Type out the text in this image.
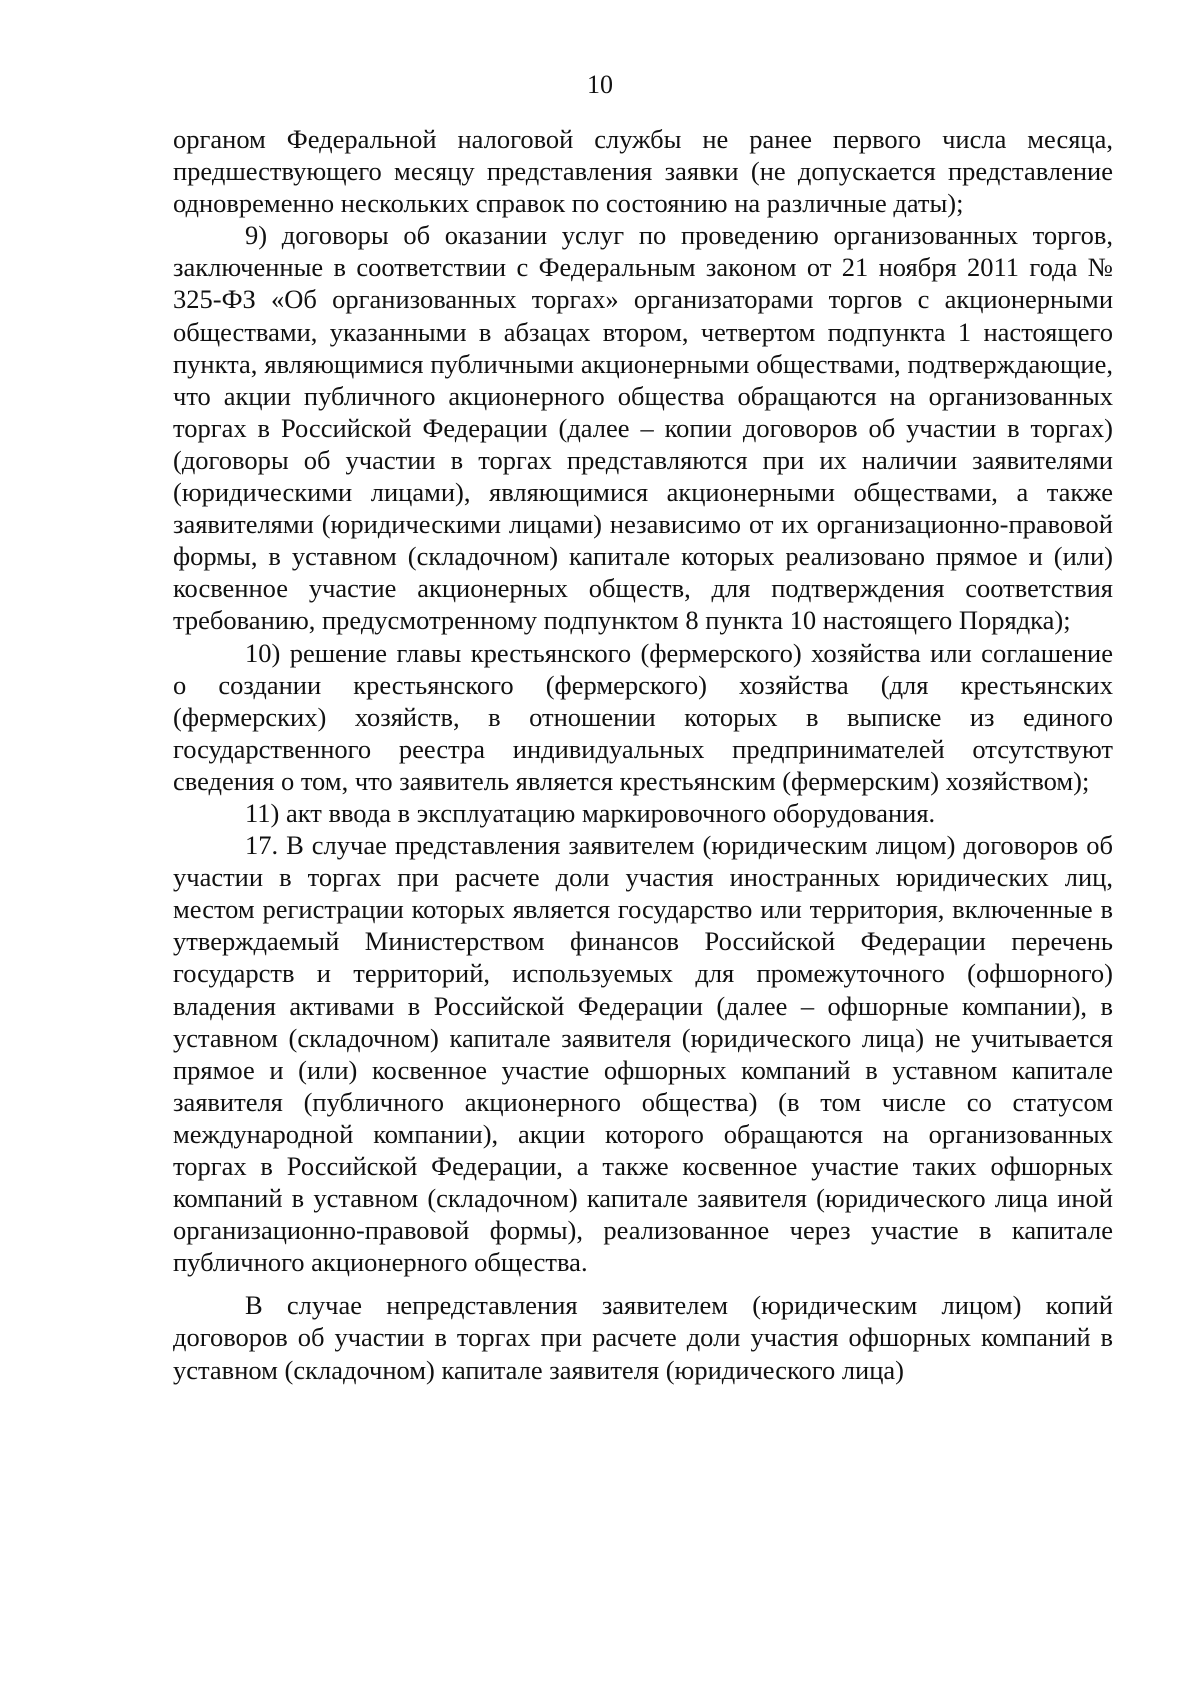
10

органом Федеральной налоговой службы не ранее первого числа месяца, предшествующего месяцу представления заявки (не допускается представление одновременно нескольких справок по состоянию на различные даты);

9) договоры об оказании услуг по проведению организованных торгов, заключенные в соответствии с Федеральным законом от 21 ноября 2011 года № 325-ФЗ «Об организованных торгах» организаторами торгов с акционерными обществами, указанными в абзацах втором, четвертом подпункта 1 настоящего пункта, являющимися публичными акционерными обществами, подтверждающие, что акции публичного акционерного общества обращаются на организованных торгах в Российской Федерации (далее – копии договоров об участии в торгах) (договоры об участии в торгах представляются при их наличии заявителями (юридическими лицами), являющимися акционерными обществами, а также заявителями (юридическими лицами) независимо от их организационно-правовой формы, в уставном (складочном) капитале которых реализовано прямое и (или) косвенное участие акционерных обществ, для подтверждения соответствия требованию, предусмотренному подпунктом 8 пункта 10 настоящего Порядка);

10) решение главы крестьянского (фермерского) хозяйства или соглашение о создании крестьянского (фермерского) хозяйства (для крестьянских (фермерских) хозяйств, в отношении которых в выписке из единого государственного реестра индивидуальных предпринимателей отсутствуют сведения о том, что заявитель является крестьянским (фермерским) хозяйством);

11) акт ввода в эксплуатацию маркировочного оборудования.

17. В случае представления заявителем (юридическим лицом) договоров об участии в торгах при расчете доли участия иностранных юридических лиц, местом регистрации которых является государство или территория, включенные в утверждаемый Министерством финансов Российской Федерации перечень государств и территорий, используемых для промежуточного (офшорного) владения активами в Российской Федерации (далее – офшорные компании), в уставном (складочном) капитале заявителя (юридического лица) не учитывается прямое и (или) косвенное участие офшорных компаний в уставном капитале заявителя (публичного акционерного общества) (в том числе со статусом международной компании), акции которого обращаются на организованных торгах в Российской Федерации, а также косвенное участие таких офшорных компаний в уставном (складочном) капитале заявителя (юридического лица иной организационно-правовой формы), реализованное через участие в капитале публичного акционерного общества.

В случае непредставления заявителем (юридическим лицом) копий договоров об участии в торгах при расчете доли участия офшорных компаний в уставном (складочном) капитале заявителя (юридического лица)
